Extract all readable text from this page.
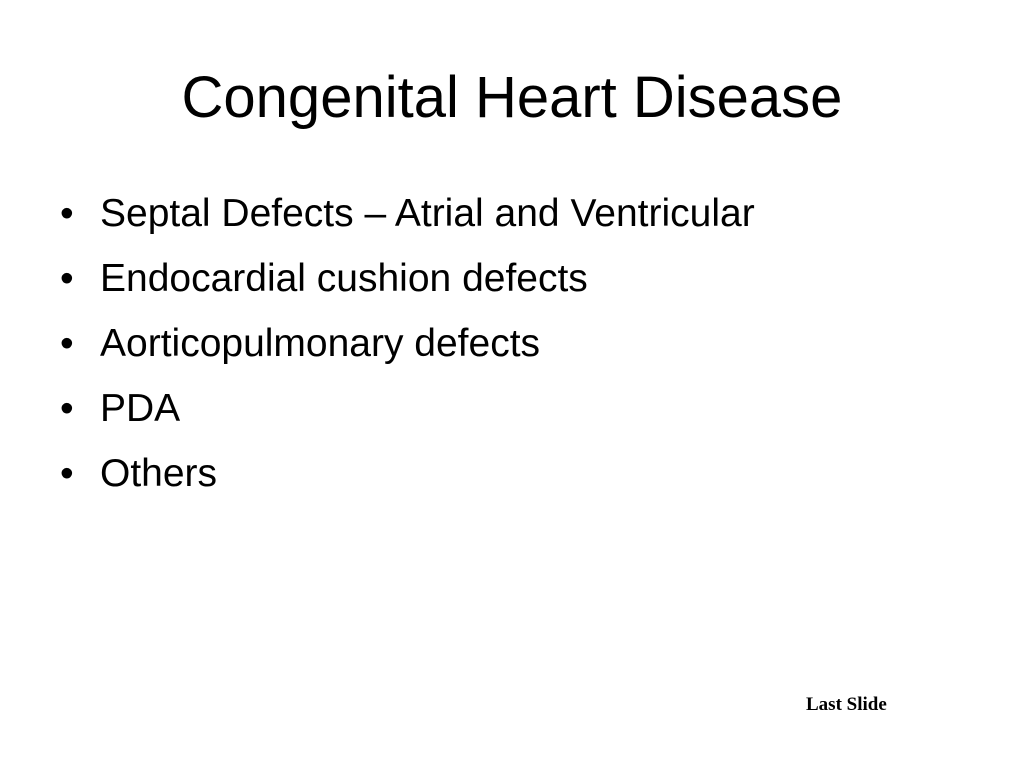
Congenital Heart Disease
• Septal Defects – Atrial and Ventricular
• Endocardial cushion defects
• Aorticopulmonary defects
• PDA
• Others
Last Slide
